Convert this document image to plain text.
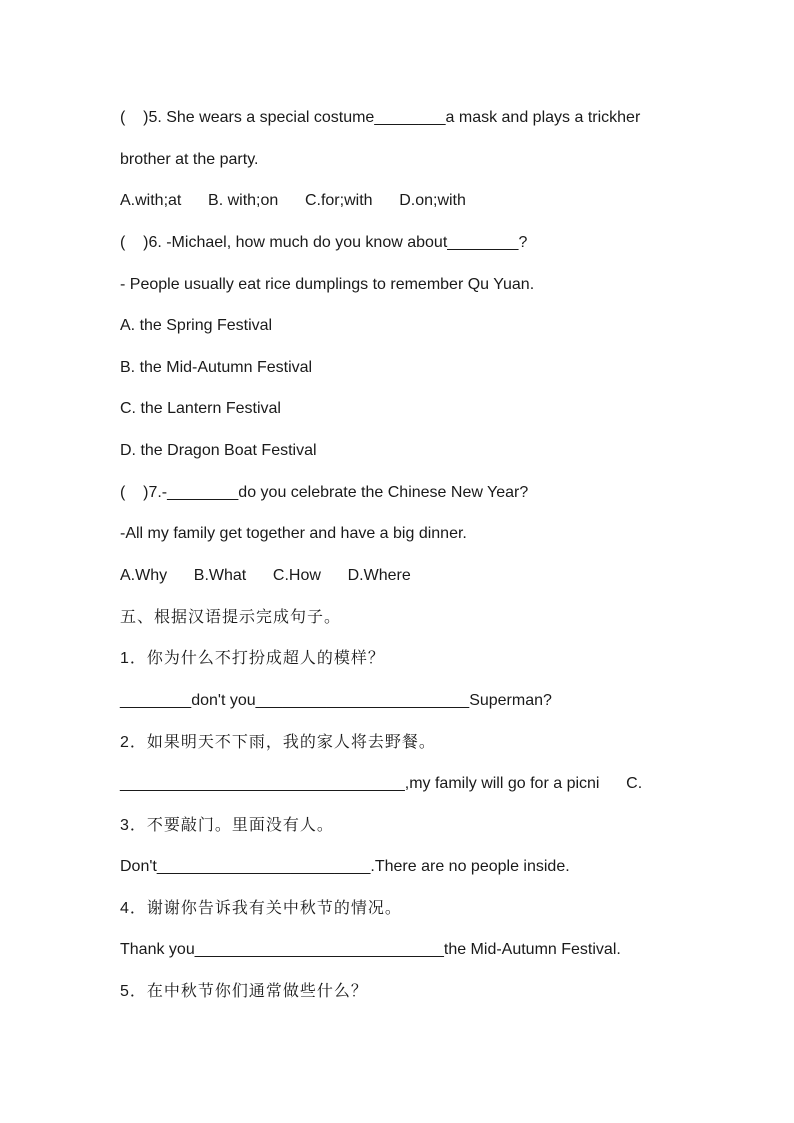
(    )5. She wears a special costume________a mask and plays a trickher
brother at the party.
A.with;at      B. with;on      C.for;with      D.on;with
(    )6. -Michael, how much do you know about________?
- People usually eat rice dumplings to remember Qu Yuan.
A. the Spring Festival
B. the Mid-Autumn Festival
C. the Lantern Festival
D. the Dragon Boat Festival
(    )7.-________do you celebrate the Chinese New Year?
-All my family get together and have a big dinner.
A.Why      B.What      C.How      D.Where
五、根据汉语提示完成句子。
1．你为什么不打扮成超人的模样？
________don't you________________________Superman?
2．如果明天不下雨，我的家人将去野餐。
________________________________,my family will go for a picni      C.
3．不要敲门。里面没有人。
Don't________________________.There are no people inside.
4．谢谢你告诉我有关中秋节的情况。
Thank you____________________________the Mid-Autumn Festival.
5．在中秋节你们通常做些什么？
